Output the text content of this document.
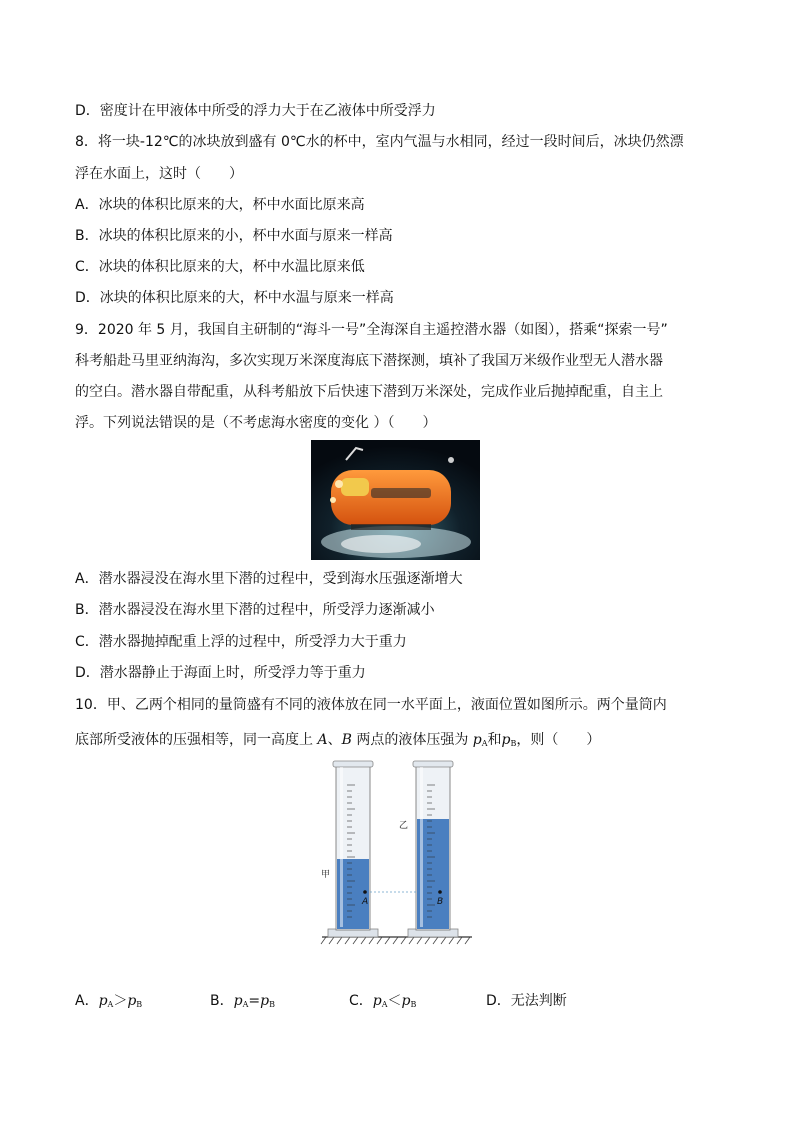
D．密度计在甲液体中所受的浮力大于在乙液体中所受浮力
8．将一块-12℃的冰块放到盛有 0℃水的杯中，室内气温与水相同，经过一段时间后，冰块仍然漂
浮在水面上，这时（　　）
A．冰块的体积比原来的大，杯中水面比原来高
B．冰块的体积比原来的小，杯中水面与原来一样高
C．冰块的体积比原来的大，杯中水温比原来低
D．冰块的体积比原来的大，杯中水温与原来一样高
9．2020 年 5 月，我国自主研制的“海斗一号”全海深自主遥控潜水器（如图），搭乘“探索一号”
科考船赴马里亚纳海沟，多次实现万米深度海底下潜探测，填补了我国万米级作业型无人潜水器
的空白。潜水器自带配重，从科考船放下后快速下潜到万米深处，完成作业后抛掉配重，自主上
浮。下列说法错误的是（不考虑海水密度的变化 ）（　　）
A．潜水器浸没在海水里下潜的过程中，受到海水压强逐渐增大
B．潜水器浸没在海水里下潜的过程中，所受浮力逐渐减小
C．潜水器抛掉配重上浮的过程中，所受浮力大于重力
D．潜水器静止于海面上时，所受浮力等于重力
10．甲、乙两个相同的量筒盛有不同的液体放在同一水平面上，液面位置如图所示。两个量筒内
底部所受液体的压强相等，同一高度上 A、B 两点的液体压强为 $p_A$和$p_B$，则（　　）
甲
乙
A	B
A．$p_A>p_B$	B．$p_A=p_B$	C．$p_A<p_B$	D．无法判断
